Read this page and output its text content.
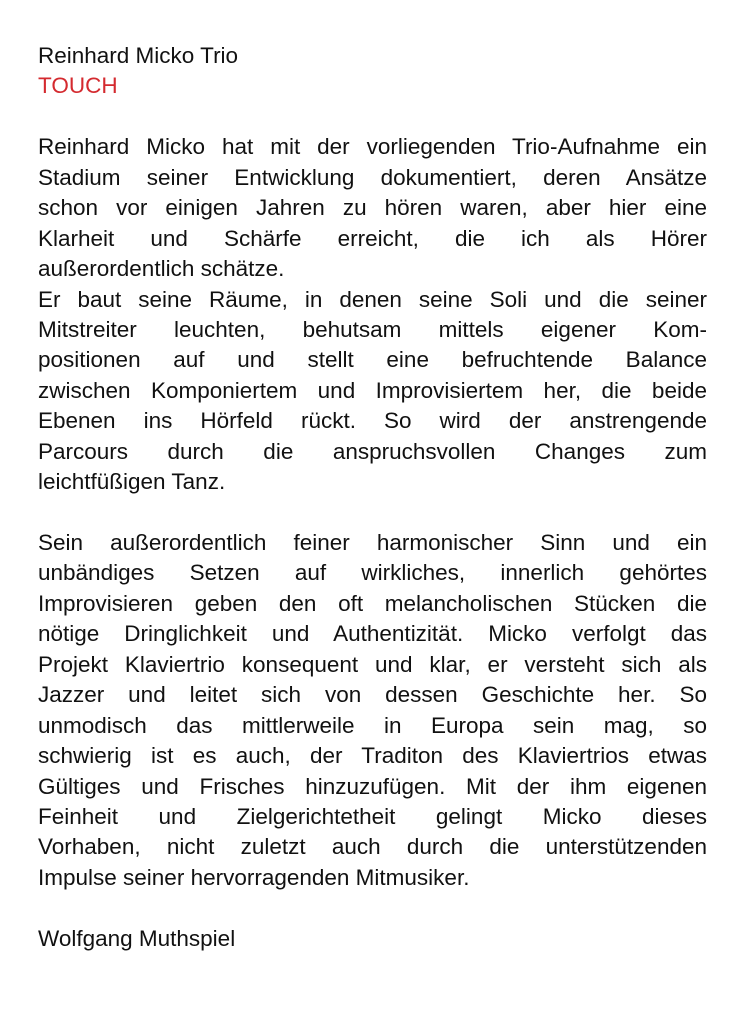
Reinhard Micko Trio
TOUCH
Reinhard Micko hat mit der vorliegenden Trio-Aufnahme ein
Stadium seiner Entwicklung dokumentiert, deren Ansätze
schon vor einigen Jahren zu hören waren, aber hier eine
Klarheit und Schärfe erreicht, die ich als Hörer
außerordentlich schätze.
Er baut seine Räume, in denen seine Soli und die seiner
Mitstreiter leuchten, behutsam mittels eigener Kom-
positionen auf und stellt eine befruchtende Balance
zwischen Komponiertem und Improvisiertem her, die beide
Ebenen ins Hörfeld rückt. So wird der anstrengende
Parcours durch die anspruchsvollen Changes zum
leichtfüßigen Tanz.
Sein außerordentlich feiner harmonischer Sinn und ein
unbändiges Setzen auf wirkliches, innerlich gehörtes
Improvisieren geben den oft melancholischen Stücken die
nötige Dringlichkeit und Authentizität. Micko verfolgt das
Projekt Klaviertrio konsequent und klar, er versteht sich als
Jazzer und leitet sich von dessen Geschichte her. So
unmodisch das mittlerweile in Europa sein mag, so
schwierig ist es auch, der Traditon des Klaviertrios etwas
Gültiges und Frisches hinzuzufügen. Mit der ihm eigenen
Feinheit und Zielgerichtetheit gelingt Micko dieses
Vorhaben, nicht zuletzt auch durch die unterstützenden
Impulse seiner hervorragenden Mitmusiker.
Wolfgang Muthspiel
